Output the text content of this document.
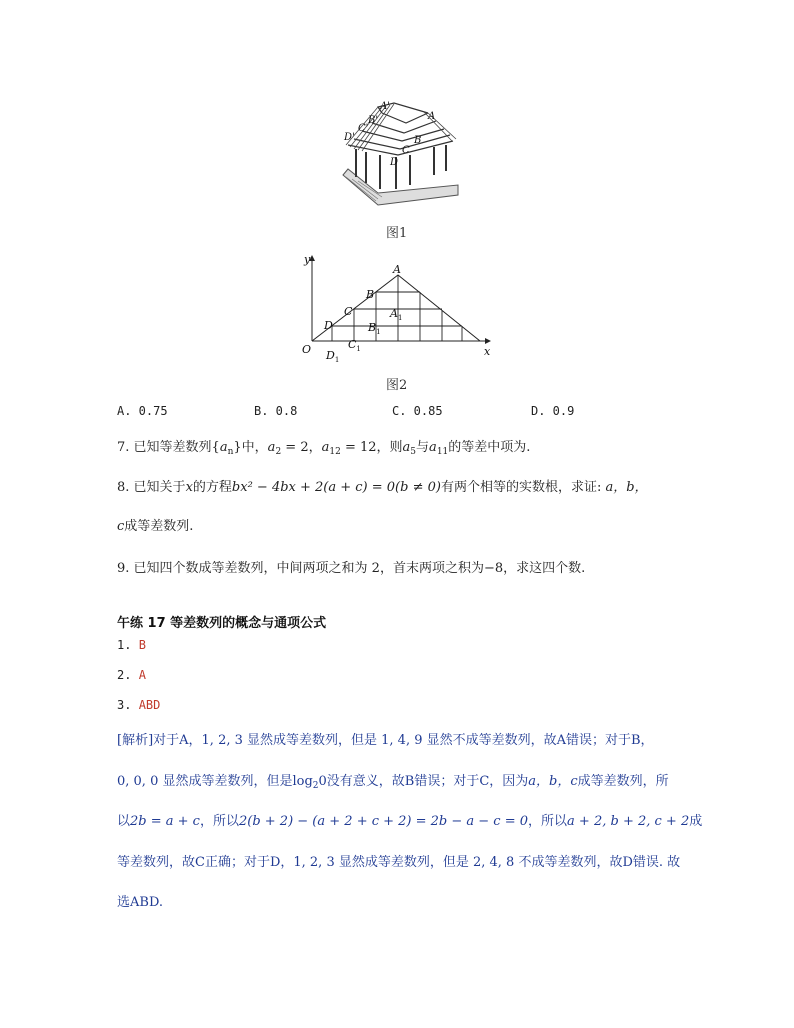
A'
A
B'
C'
D'	B
C
D
图1
y
x
O
A
B
C
D
$A_1$
$B_1$
$C_1$
$D_1$
图2
A. 0.75	B. 0.8	C. 0.85	D. 0.9
7. 已知等差数列$\{a_n\}$中，$a_2 = 2$，$a_{12} = 12$，则$a_5$与$a_{11}$的等差中项为.
8. 已知关于x的方程bx² − 4bx + 2(a + c) = 0(b ≠ 0)有两个相等的实数根，求证: a，b，
c成等差数列.
9. 已知四个数成等差数列，中间两项之和为 2，首末两项之积为−8，求这四个数.
午练 17 等差数列的概念与通项公式
1. B
2. A
3. ABD
[解析]对于A，1, 2, 3 显然成等差数列，但是 1, 4, 9 显然不成等差数列，故A错误；对于B，
0, 0, 0 显然成等差数列，但是$\log_20$没有意义，故B错误；对于C，因为a，b，c成等差数列，所
以2b = a + c，所以2(b + 2) − (a + 2 + c + 2) = 2b − a − c = 0，所以a + 2, b + 2, c + 2成
等差数列，故C正确；对于D，1, 2, 3 显然成等差数列，但是 2, 4, 8 不成等差数列，故D错误. 故
选ABD.
